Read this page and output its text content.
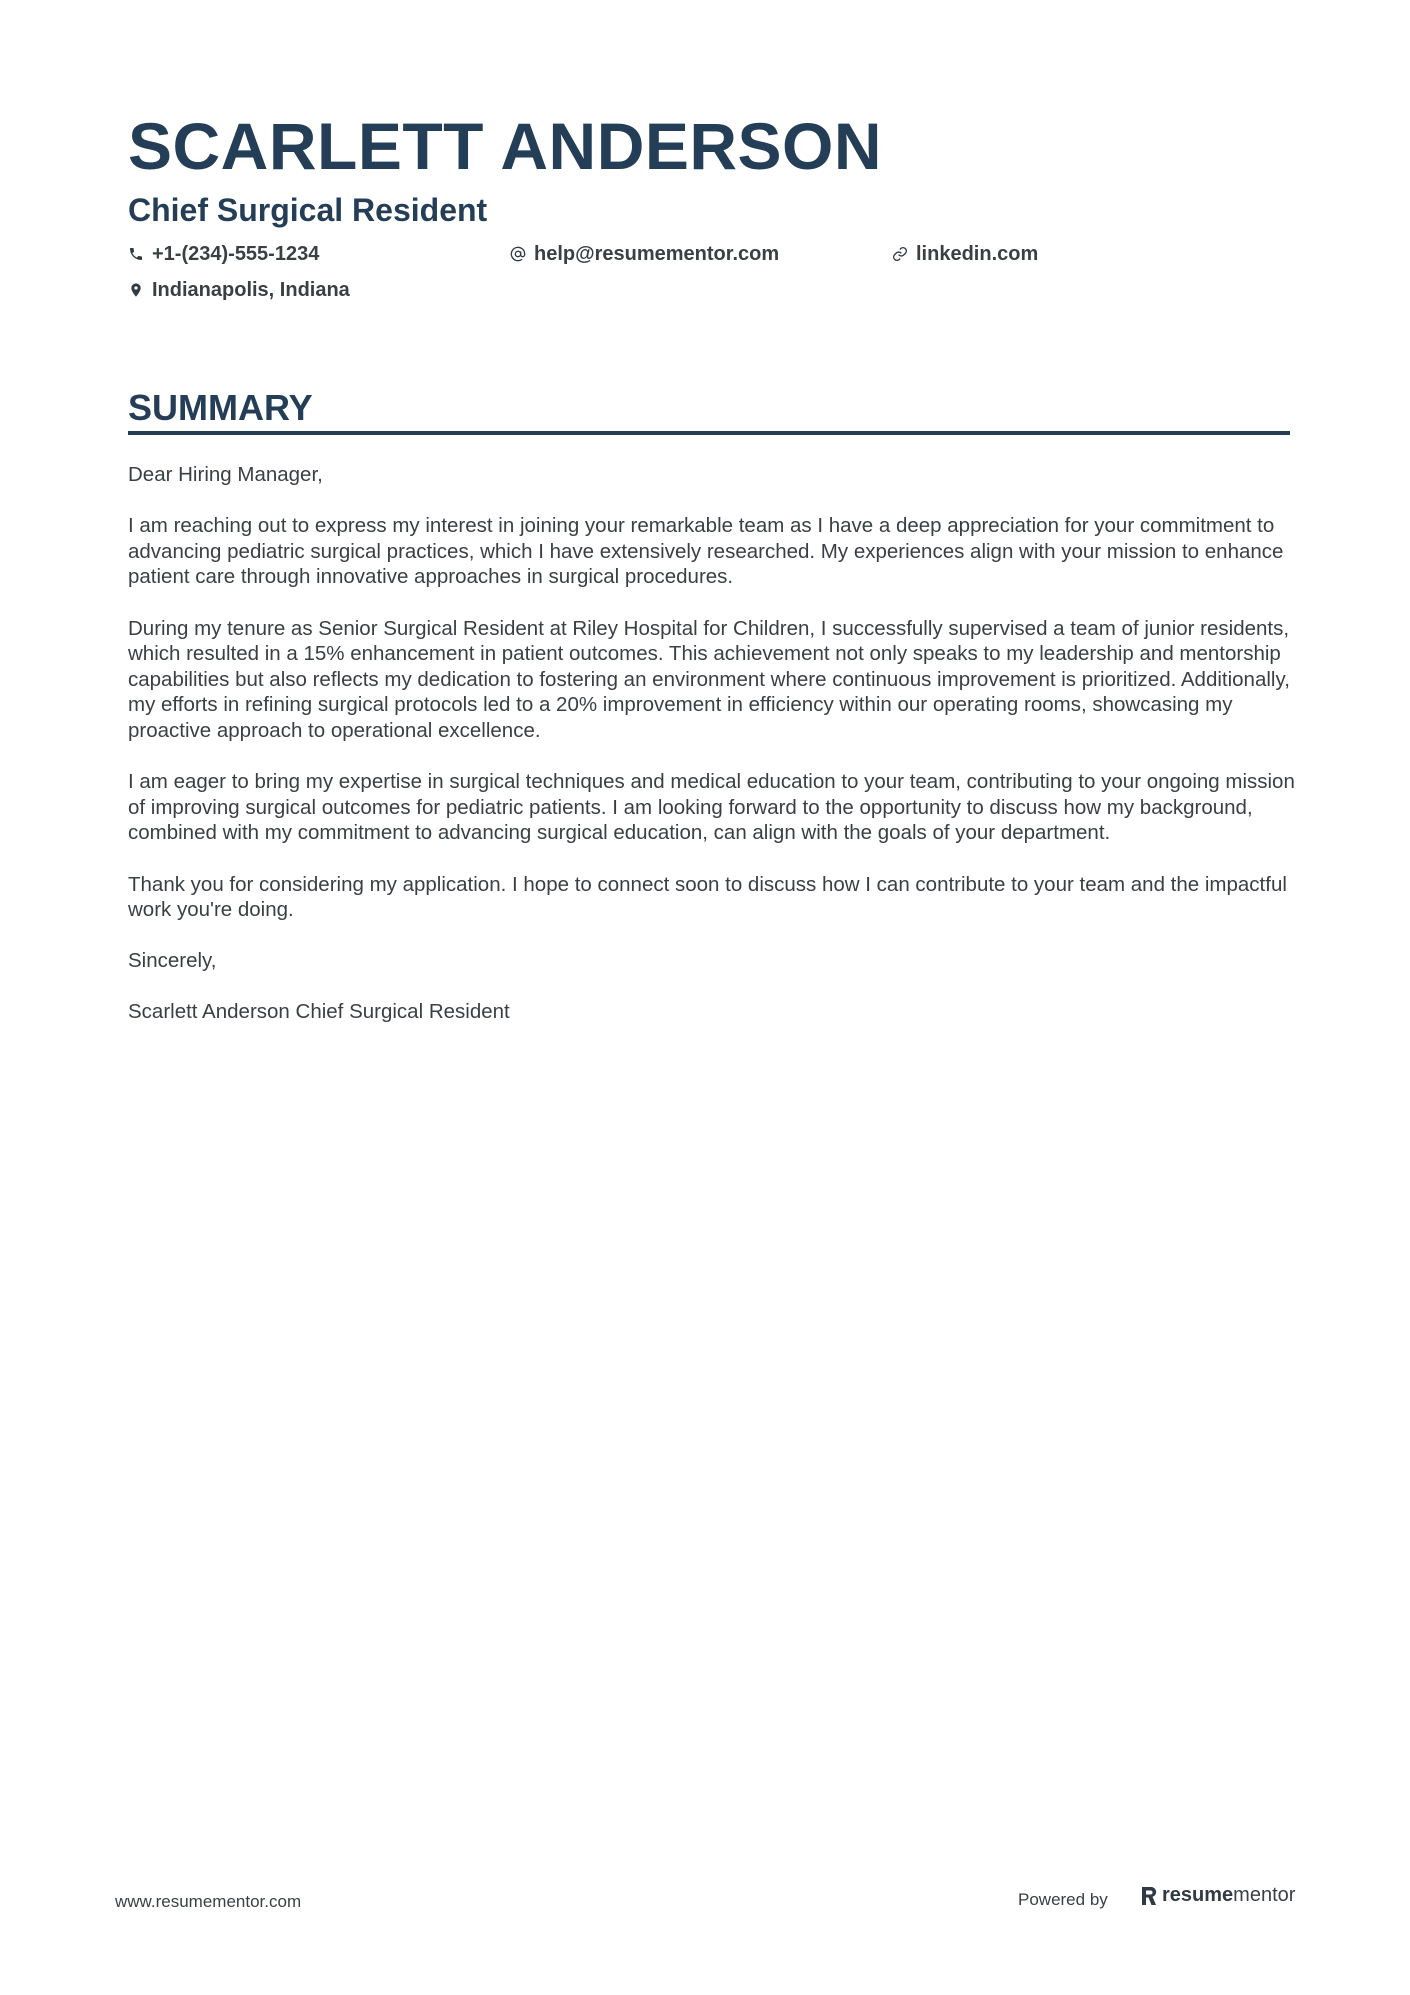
SCARLETT ANDERSON
Chief Surgical Resident
+1-(234)-555-1234	help@resumementor.com	linkedin.com
Indianapolis, Indiana
SUMMARY

Dear Hiring Manager,

I am reaching out to express my interest in joining your remarkable team as I have a deep appreciation for your commitment to advancing pediatric surgical practices, which I have extensively researched. My experiences align with your mission to enhance patient care through innovative approaches in surgical procedures.

During my tenure as Senior Surgical Resident at Riley Hospital for Children, I successfully supervised a team of junior residents, which resulted in a 15% enhancement in patient outcomes. This achievement not only speaks to my leadership and mentorship capabilities but also reflects my dedication to fostering an environment where continuous improvement is prioritized. Additionally, my efforts in refining surgical protocols led to a 20% improvement in efficiency within our operating rooms, showcasing my proactive approach to operational excellence.

I am eager to bring my expertise in surgical techniques and medical education to your team, contributing to your ongoing mission of improving surgical outcomes for pediatric patients. I am looking forward to the opportunity to discuss how my background, combined with my commitment to advancing surgical education, can align with the goals of your department.

Thank you for considering my application. I hope to connect soon to discuss how I can contribute to your team and the impactful work you're doing.

Sincerely,

Scarlett Anderson Chief Surgical Resident

www.resumementor.com	Powered by	resume mentor
